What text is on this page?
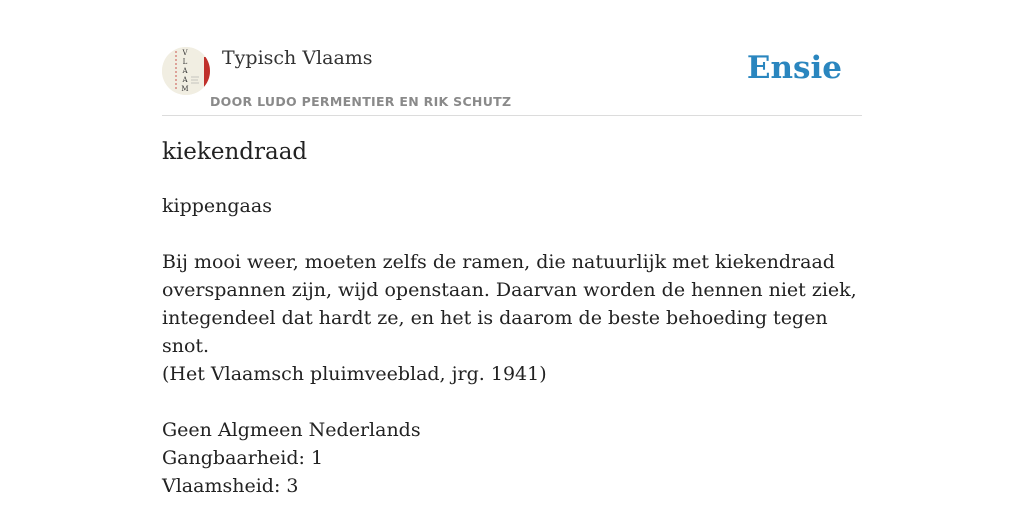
V
L
A
A
M
Typisch Vlaams
DOOR LUDO PERMENTIER EN RIK SCHUTZ
Ensie
kiekendraad

kippengaas

Bij mooi weer, moeten zelfs de ramen, die natuurlijk met kiekendraad

overspannen zijn, wijd openstaan. Daarvan worden de hennen niet ziek,

integendeel dat hardt ze, en het is daarom de beste behoeding tegen snot.

(Het Vlaamsch pluimveeblad, jrg. 1941)

Geen Algmeen Nederlands

Gangbaarheid: 1

Vlaamsheid: 3
